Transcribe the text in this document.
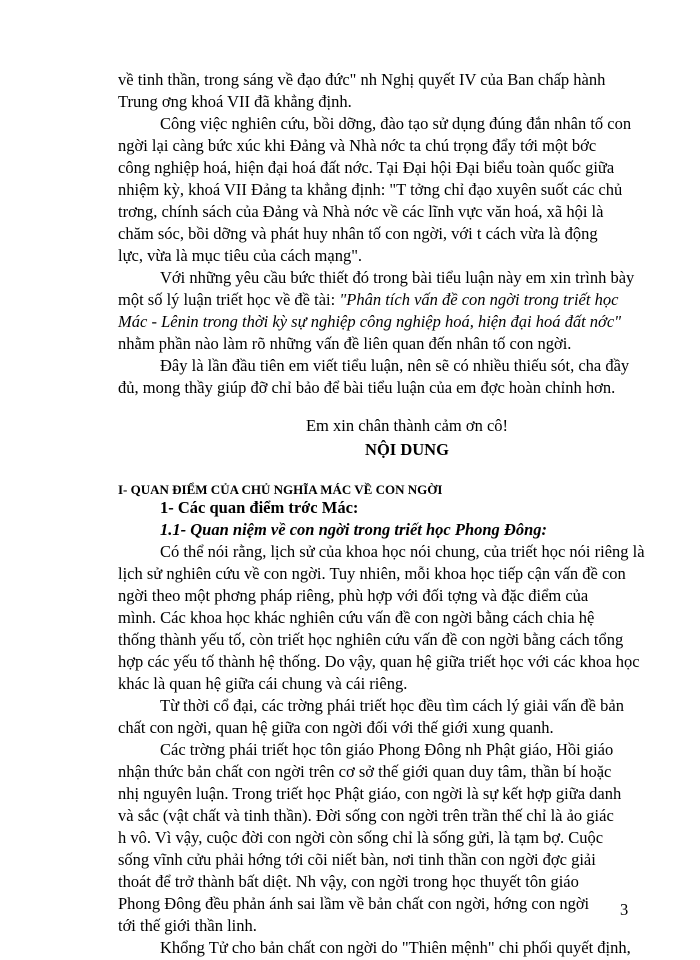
về tinh thần, trong sáng về đạo đức" nh Nghị quyết IV của Ban chấp hành
Trung ơng khoá VII đã khẳng định.
Công việc nghiên cứu, bồi dỡng, đào tạo sử dụng đúng đắn nhân tố con
ngời lại càng bức xúc khi Đảng và Nhà nớc ta chú trọng đẩy tới một bớc
công nghiệp hoá, hiện đại hoá đất nớc. Tại Đại hội Đại biểu toàn quốc giữa
nhiệm kỳ, khoá VII Đảng ta khẳng định: "T tởng chỉ đạo xuyên suốt các chủ
trơng, chính sách của Đảng và Nhà nớc về các lĩnh vực văn hoá, xã hội là
chăm sóc, bồi dỡng và phát huy nhân tố con ngời, với t cách vừa là động
lực, vừa là mục tiêu của cách mạng".
Với những yêu cầu bức thiết đó trong bài tiểu luận này em xin trình bày
một số lý luận triết học về đề tài: "Phân tích vấn đề con ngời trong triết học
Mác - Lênin trong thời kỳ sự nghiệp công nghiệp hoá, hiện đại hoá đất nớc"
nhằm phần nào làm rõ những vấn đề liên quan đến nhân tố con ngời.
Đây là lần đầu tiên em viết tiểu luận, nên sẽ có nhiều thiếu sót, cha đầy
đủ, mong thầy giúp đỡ chỉ bảo để bài tiểu luận của em đợc hoàn chỉnh hơn.
Em xin chân thành cảm ơn cô!
NỘI DUNG
I- QUAN ĐIỂM CỦA CHỦ NGHĨA MÁC VỀ CON NGỜI
1- Các quan điểm trớc Mác:
1.1- Quan niệm về con ngời trong triết học Phong Đông:
Có thể nói rằng, lịch sử của khoa học nói chung, của triết học nói riêng là
lịch sử nghiên cứu về con ngời. Tuy nhiên, mỗi khoa học tiếp cận vấn đề con
ngời theo một phơng pháp riêng, phù hợp với đối tợng và đặc điểm của
mình. Các khoa học khác nghiên cứu vấn đề con ngời bằng cách chia hệ
thống thành yếu tố, còn triết học nghiên cứu vấn đề con ngời bằng cách tổng
hợp các yếu tố thành hệ thống. Do vậy, quan hệ giữa triết học với các khoa học
khác là quan hệ giữa cái chung và cái riêng.
Từ thời cổ đại, các trờng phái triết học đều tìm cách lý giải vấn đề bản
chất con ngời, quan hệ giữa con ngời đối với thế giới xung quanh.
Các trờng phái triết học tôn giáo Phong Đông nh Phật giáo, Hồi giáo
nhận thức bản chất con ngời trên cơ sở thế giới quan duy tâm, thần bí hoặc
nhị nguyên luận. Trong triết học Phật giáo, con ngời là sự kết hợp giữa danh
và sắc (vật chất và tinh thần). Đời sống con ngời trên trần thế chỉ là ảo giác
h vô. Vì vậy, cuộc đời con ngời còn sống chỉ là sống gửi, là tạm bợ. Cuộc
sống vĩnh cửu phải hớng tới cõi niết bàn, nơi tinh thần con ngời đợc giải
thoát để trở thành bất diệt. Nh vậy, con ngời trong học thuyết tôn giáo
Phong Đông đều phản ánh sai lầm về bản chất con ngời, hớng con ngời
tới thế giới thần linh.
Khổng Tử cho bản chất con ngời do "Thiên mệnh" chi phối quyết định,
3
